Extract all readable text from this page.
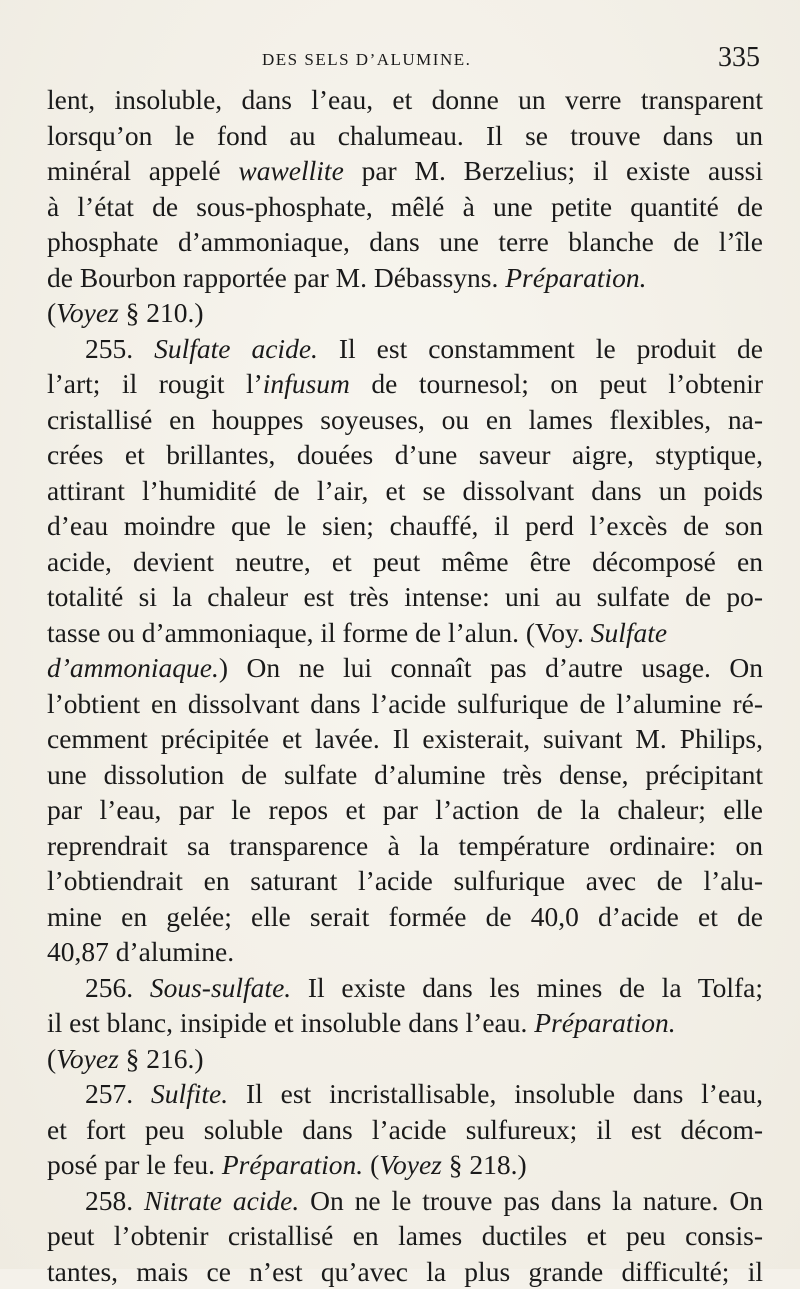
DES SELS D’ALUMINE.	335
lent, insoluble, dans l’eau, et donne un verre transparent
lorsqu’on le fond au chalumeau. Il se trouve dans un
minéral appelé wawellite par M. Berzelius; il existe aussi
à l’état de sous-phosphate, mêlé à une petite quantité de
phosphate d’ammoniaque, dans une terre blanche de l’île
de Bourbon rapportée par M. Débassyns. Préparation.
(Voyez § 210.)
255. Sulfate acide. Il est constamment le produit de
l’art; il rougit l’infusum de tournesol; on peut l’obtenir
cristallisé en houppes soyeuses, ou en lames flexibles, na-
crées et brillantes, douées d’une saveur aigre, styptique,
attirant l’humidité de l’air, et se dissolvant dans un poids
d’eau moindre que le sien; chauffé, il perd l’excès de son
acide, devient neutre, et peut même être décomposé en
totalité si la chaleur est très intense: uni au sulfate de po-
tasse ou d’ammoniaque, il forme de l’alun. (Voy. Sulfate
d’ammoniaque.) On ne lui connaît pas d’autre usage. On
l’obtient en dissolvant dans l’acide sulfurique de l’alumine ré-
cemment précipitée et lavée. Il existerait, suivant M. Philips,
une dissolution de sulfate d’alumine très dense, précipitant
par l’eau, par le repos et par l’action de la chaleur; elle
reprendrait sa transparence à la température ordinaire: on
l’obtiendrait en saturant l’acide sulfurique avec de l’alu-
mine en gelée; elle serait formée de 40,0 d’acide et de
40,87 d’alumine.
256. Sous-sulfate. Il existe dans les mines de la Tolfa;
il est blanc, insipide et insoluble dans l’eau. Préparation.
(Voyez § 216.)
257. Sulfite. Il est incristallisable, insoluble dans l’eau,
et fort peu soluble dans l’acide sulfureux; il est décom-
posé par le feu. Préparation. (Voyez § 218.)
258. Nitrate acide. On ne le trouve pas dans la nature. On
peut l’obtenir cristallisé en lames ductiles et peu consis-
tantes, mais ce n’est qu’avec la plus grande difficulté; il
